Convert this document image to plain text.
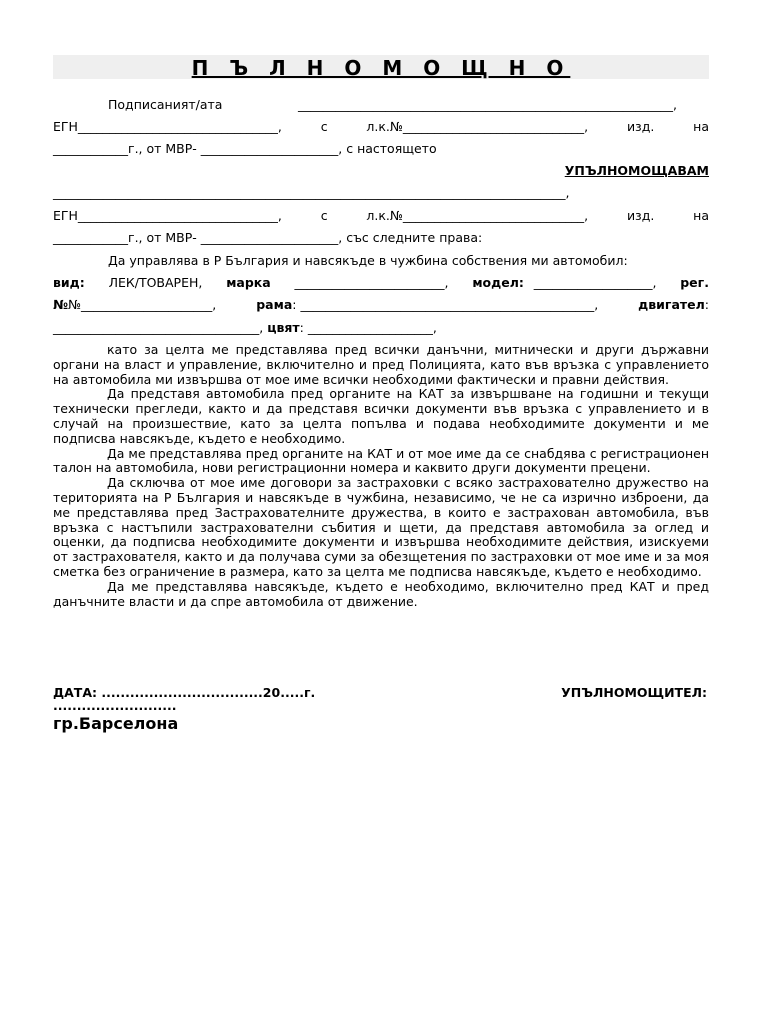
П Ъ Л Н О М О Щ Н О
Подписаният/ата	____________________________________________________________,
ЕГН________________________________,	с	л.к.№_____________________________,	изд.	на
____________г., от МВР- ______________________, с настоящето
УПЪЛНОМОЩАВАМ
__________________________________________________________________________________,
ЕГН________________________________,	с	л.к.№_____________________________,	изд.	на
____________г., от МВР- ______________________, със следните права:
Да управлява в Р България и навсякъде в чужбина собствения ми автомобил:
вид: ЛЕК/ТОВАРЕН, марка ________________________, модел: ___________________, рег.
№№_____________________,	рама: _______________________________________________,	двигател:
_________________________________, цвят: ____________________,

като за целта ме представлява пред всички данъчни, митнически и други държавни органи на власт и управление, включително и пред Полицията, като във връзка с управлението на автомобила ми извършва от мое име всички необходими фактически и правни действия.

Да представя автомобила пред органите на КАТ за извършване на годишни и текущи технически прегледи, както и да представя всички документи във връзка с управлението и в случай на произшествие, като за целта попълва и подава необходимите документи и ме подписва навсякъде, където е необходимо.

Да ме представлява пред органите на КАТ и от мое име да се снабдява с регистрационен талон на автомобила, нови регистрационни номера и каквито други документи прецени.

Да сключва от мое име договори за застраховки с всяко застрахователно дружество на територията на Р България и навсякъде в чужбина, независимо, че не са изрично изброени, да ме представлява пред Застрахователните дружества, в които е застрахован автомобила, във връзка с настъпили застрахователни събития и щети, да представя автомобила за оглед и оценки, да подписва необходимите документи и извършва необходимите действия, изискуеми от застрахователя, както и да получава суми за обезщетения по застраховки от мое име и за моя сметка без ограничение в размера, като за целта ме подписва навсякъде, където е необходимо.

Да ме представлява навсякъде, където е необходимо, включително пред КАТ и пред данъчните власти и да спре автомобила от движение.

ДАТА: ..................................20.....г.	УПЪЛНОМОЩИТЕЛ:
..........................
гр.Барселона
